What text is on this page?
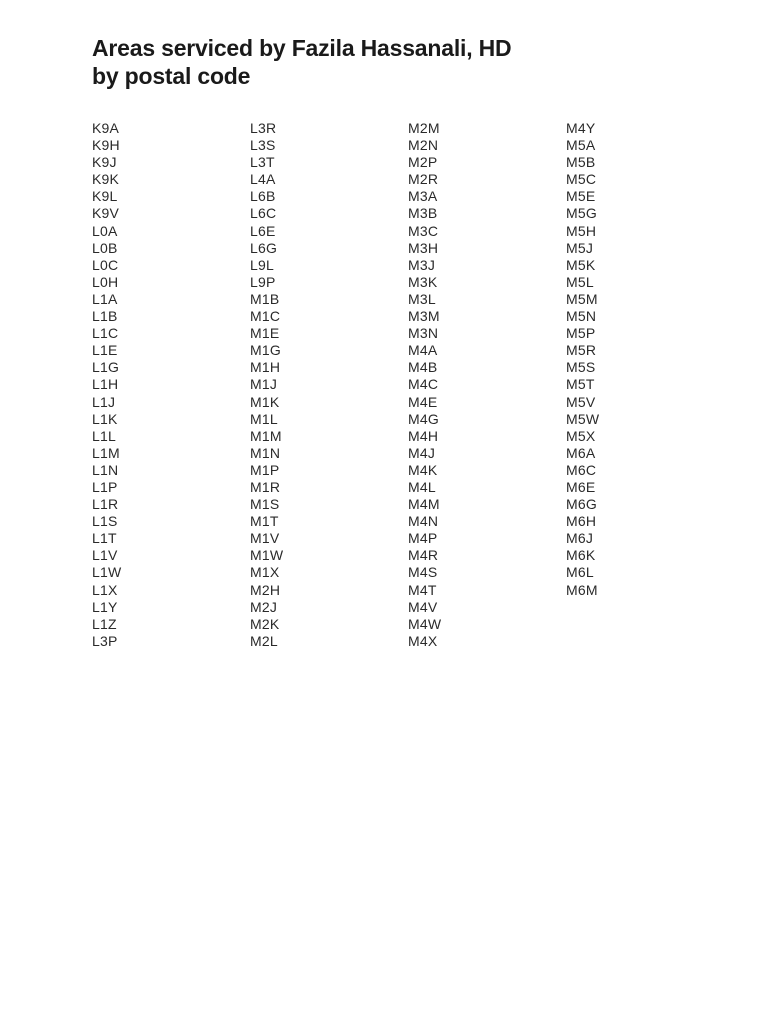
Areas serviced by Fazila Hassanali, HD
by postal code
K9A
K9H
K9J
K9K
K9L
K9V
L0A
L0B
L0C
L0H
L1A
L1B
L1C
L1E
L1G
L1H
L1J
L1K
L1L
L1M
L1N
L1P
L1R
L1S
L1T
L1V
L1W
L1X
L1Y
L1Z
L3P
L3R
L3S
L3T
L4A
L6B
L6C
L6E
L6G
L9L
L9P
M1B
M1C
M1E
M1G
M1H
M1J
M1K
M1L
M1M
M1N
M1P
M1R
M1S
M1T
M1V
M1W
M1X
M2H
M2J
M2K
M2L
M2M
M2N
M2P
M2R
M3A
M3B
M3C
M3H
M3J
M3K
M3L
M3M
M3N
M4A
M4B
M4C
M4E
M4G
M4H
M4J
M4K
M4L
M4M
M4N
M4P
M4R
M4S
M4T
M4V
M4W
M4X
M4Y
M5A
M5B
M5C
M5E
M5G
M5H
M5J
M5K
M5L
M5M
M5N
M5P
M5R
M5S
M5T
M5V
M5W
M5X
M6A
M6C
M6E
M6G
M6H
M6J
M6K
M6L
M6M
